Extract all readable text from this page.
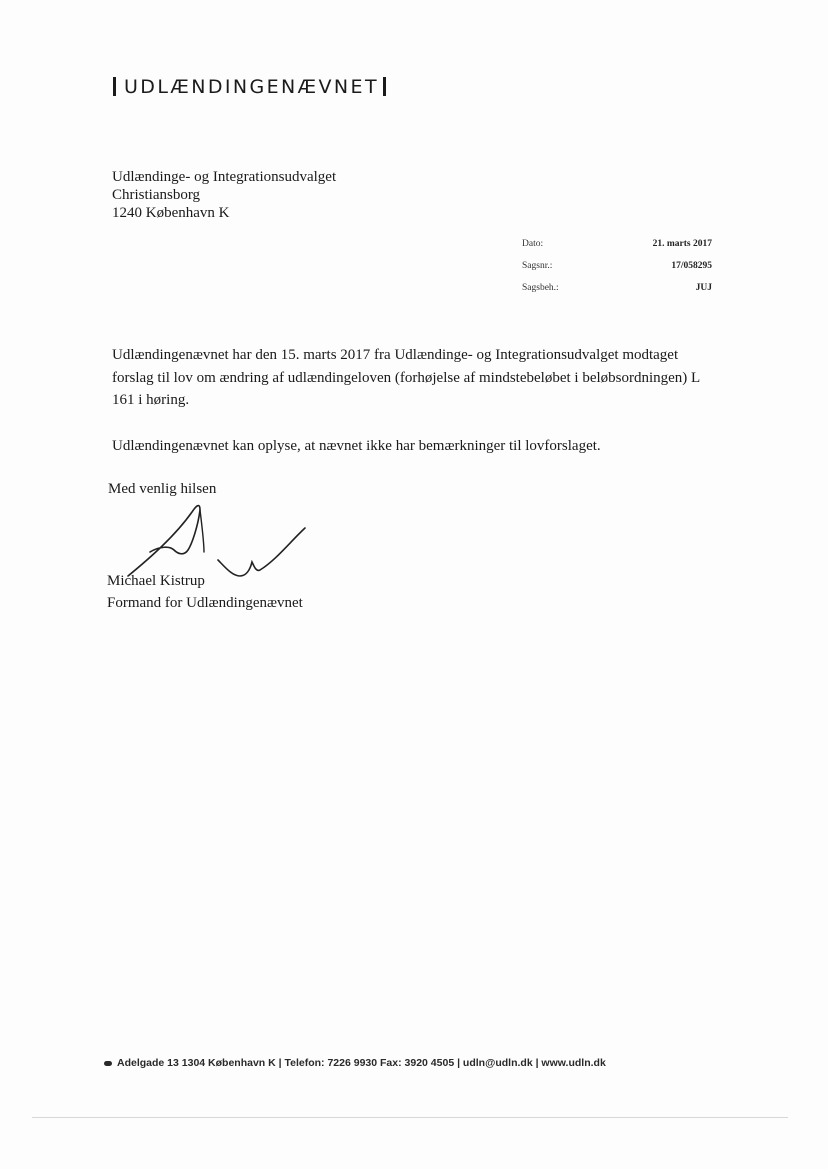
UDLÆNDINGENÆVNET
Udlændinge- og Integrationsudvalget
Christiansborg
1240 København K
Dato:	21. marts 2017
Sagsnr.:	17/058295
Sagsbeh.:	JUJ

Udlændingenævnet har den 15. marts 2017 fra Udlændinge- og Integrationsudvalget modtaget forslag til lov om ændring af udlændingeloven (forhøjelse af mindstebeløbet i beløbsordningen) L 161 i høring.

Udlændingenævnet kan oplyse, at nævnet ikke har bemærkninger til lovforslaget.

Med venlig hilsen
Michael Kistrup
Formand for Udlændingenævnet
Adelgade 13 1304 København K | Telefon: 7226 9930 Fax: 3920 4505 | udln@udln.dk | www.udln.dk
